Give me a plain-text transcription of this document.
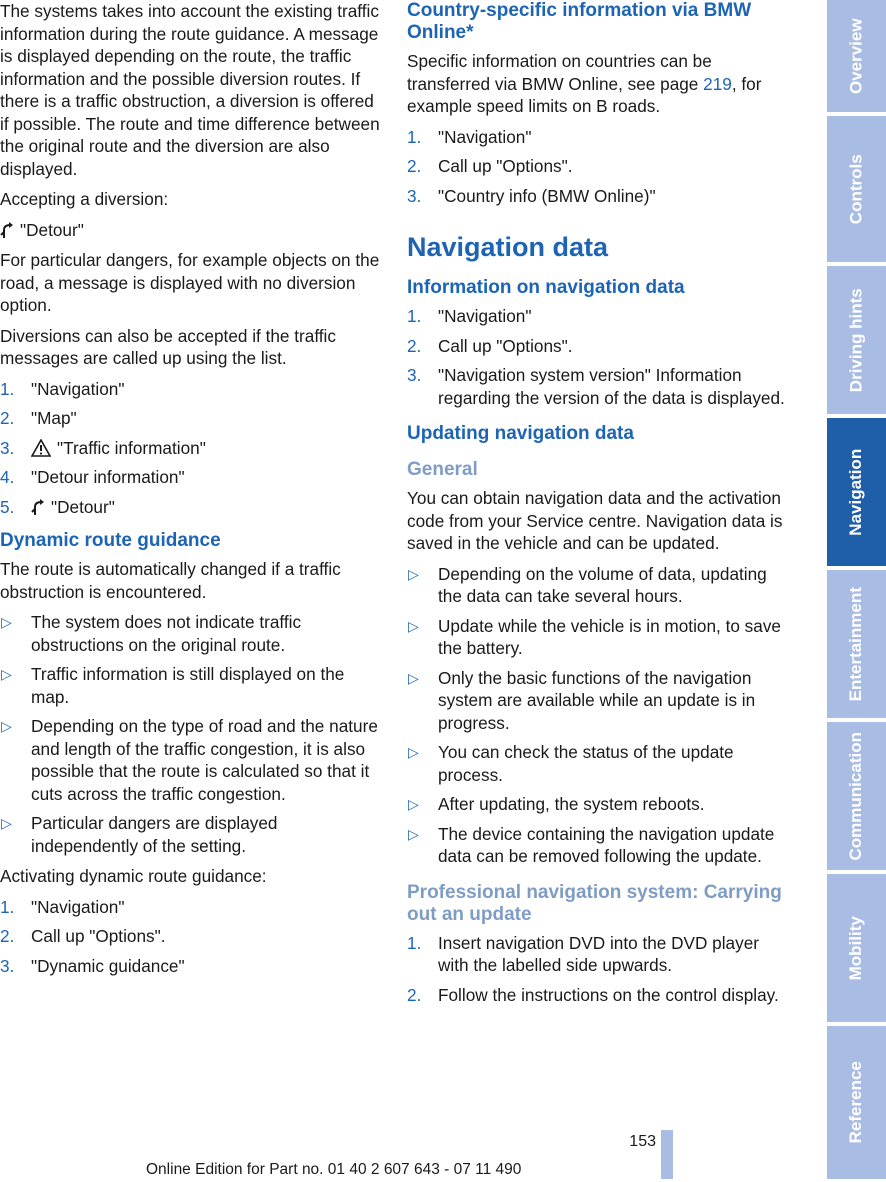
The systems takes into account the existing traffic information during the route guidance. A message is displayed depending on the route, the traffic information and the possible diversion routes. If there is a traffic obstruction, a diversion is offered if possible. The route and time difference between the original route and the diversion are also displayed.

Accepting a diversion:

"Detour"

For particular dangers, for example objects on the road, a message is displayed with no diversion option.

Diversions can also be accepted if the traffic messages are called up using the list.

1. "Navigation"
2. "Map"
3. "Traffic information"
4. "Detour information"
5. "Detour"
Dynamic route guidance

The route is automatically changed if a traffic obstruction is encountered.

▷ The system does not indicate traffic obstructions on the original route.
▷ Traffic information is still displayed on the map.
▷ Depending on the type of road and the nature and length of the traffic congestion, it is also possible that the route is calculated so that it cuts across the traffic congestion.
▷ Particular dangers are displayed independently of the setting.

Activating dynamic route guidance:

1. "Navigation"
2. Call up "Options".
3. "Dynamic guidance"
Country-specific information via BMW Online*

Specific information on countries can be transferred via BMW Online, see page 219, for example speed limits on B roads.

1. "Navigation"
2. Call up "Options".
3. "Country info (BMW Online)"
Navigation data
Information on navigation data
1. "Navigation"
2. Call up "Options".
3. "Navigation system version" Information regarding the version of the data is displayed.
Updating navigation data
General

You can obtain navigation data and the activation code from your Service centre. Navigation data is saved in the vehicle and can be updated.

▷ Depending on the volume of data, updating the data can take several hours.
▷ Update while the vehicle is in motion, to save the battery.
▷ Only the basic functions of the navigation system are available while an update is in progress.
▷ You can check the status of the update process.
▷ After updating, the system reboots.
▷ The device containing the navigation update data can be removed following the update.
Professional navigation system: Carrying out an update
1. Insert navigation DVD into the DVD player with the labelled side upwards.
2. Follow the instructions on the control display.
Overview
Controls
Driving hints
Navigation
Entertainment
Communication
Mobility
Reference
153
Online Edition for Part no. 01 40 2 607 643 - 07 11 490
